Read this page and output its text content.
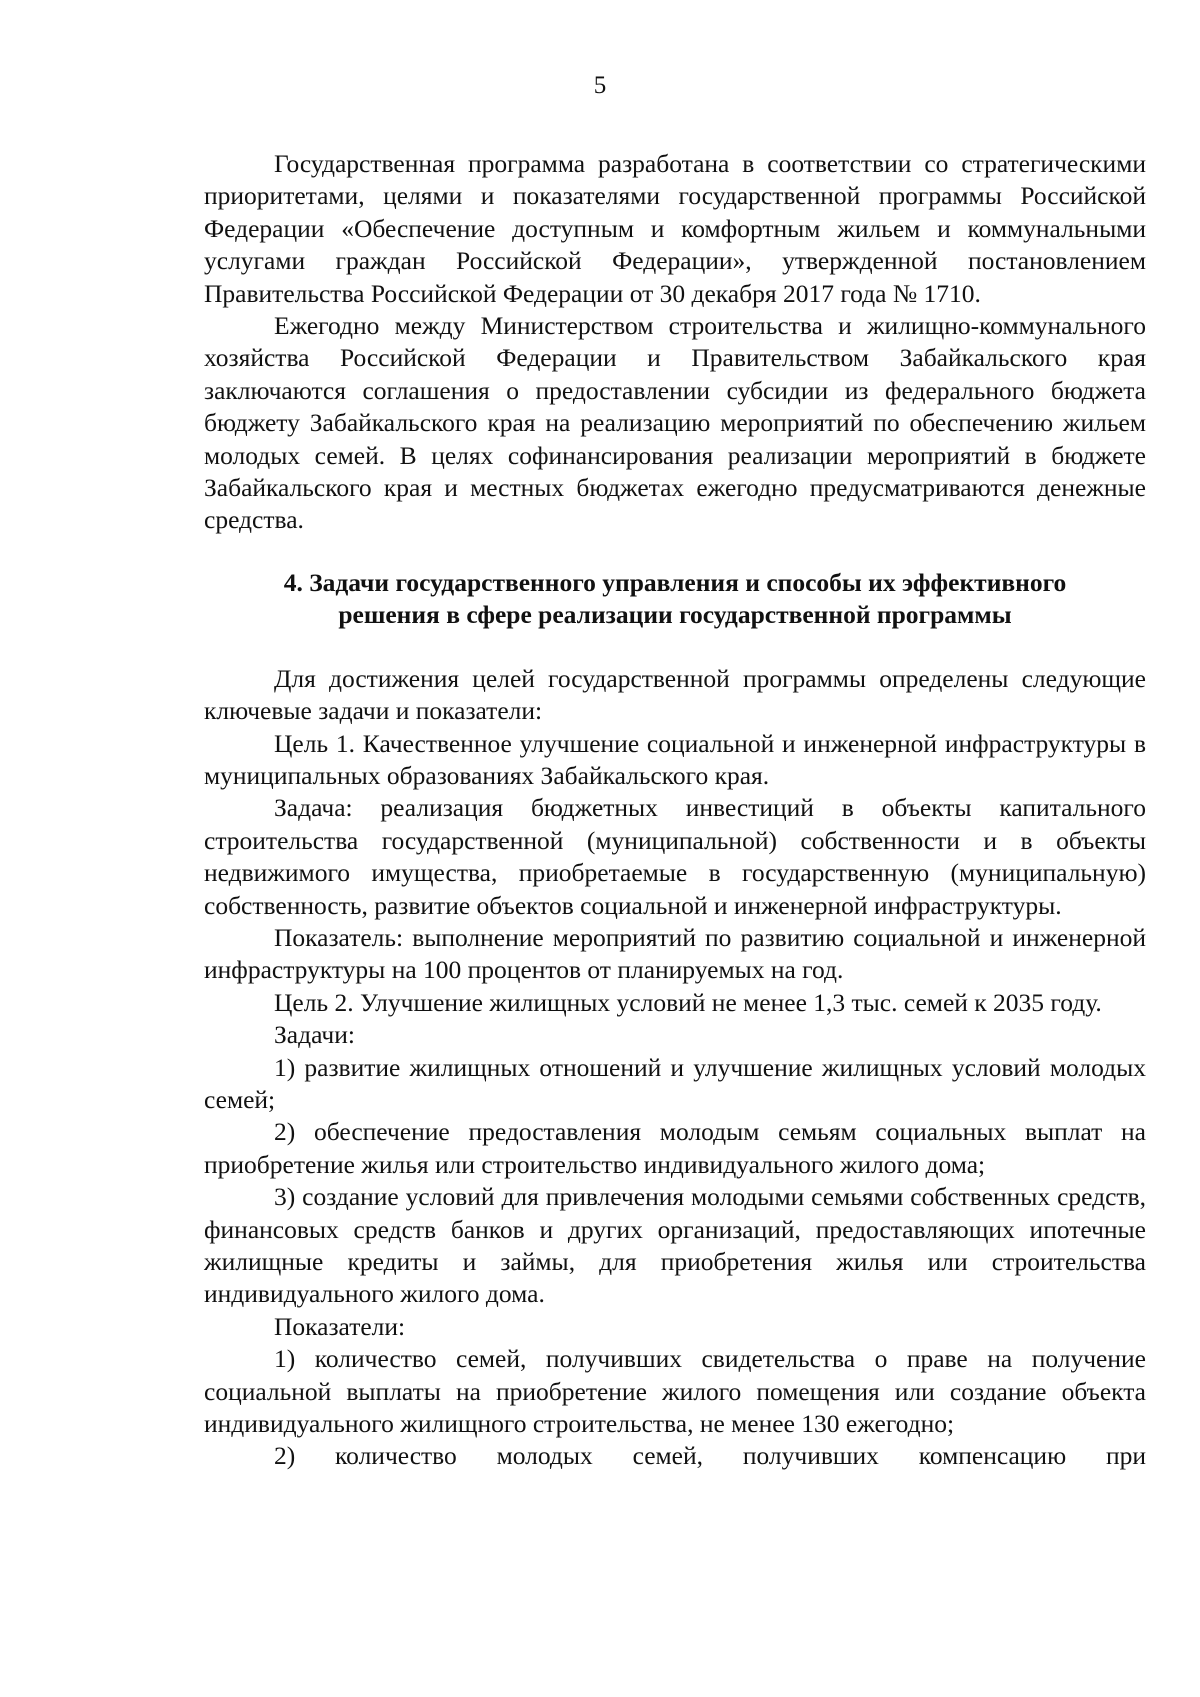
5

Государственная программа разработана в соответствии со стратегическими приоритетами, целями и показателями государственной программы Российской Федерации «Обеспечение доступным и комфортным жильем и коммунальными услугами граждан Российской Федерации», утвержденной постановлением Правительства Российской Федерации от 30 декабря 2017 года № 1710.

Ежегодно между Министерством строительства и жилищно-коммунального хозяйства Российской Федерации и Правительством Забайкальского края заключаются соглашения о предоставлении субсидии из федерального бюджета бюджету Забайкальского края на реализацию мероприятий по обеспечению жильем молодых семей. В целях софинансирования реализации мероприятий в бюджете Забайкальского края и местных бюджетах ежегодно предусматриваются денежные средства.

4. Задачи государственного управления и способы их эффективного
решения в сфере реализации государственной программы

Для достижения целей государственной программы определены следующие ключевые задачи и показатели:

Цель 1. Качественное улучшение социальной и инженерной инфраструктуры в муниципальных образованиях Забайкальского края.

Задача: реализация бюджетных инвестиций в объекты капитального строительства государственной (муниципальной) собственности и в объекты недвижимого имущества, приобретаемые в государственную (муниципальную) собственность, развитие объектов социальной и инженерной инфраструктуры.

Показатель: выполнение мероприятий по развитию социальной и инженерной инфраструктуры на 100 процентов от планируемых на год.

Цель 2. Улучшение жилищных условий не менее 1,3 тыс. семей к 2035 году.

Задачи:

1) развитие жилищных отношений и улучшение жилищных условий молодых семей;

2) обеспечение предоставления молодым семьям социальных выплат на приобретение жилья или строительство индивидуального жилого дома;

3) создание условий для привлечения молодыми семьями собственных средств, финансовых средств банков и других организаций, предоставляющих ипотечные жилищные кредиты и займы, для приобретения жилья или строительства индивидуального жилого дома.

Показатели:

1) количество семей, получивших свидетельства о праве на получение социальной выплаты на приобретение жилого помещения или создание объекта индивидуального жилищного строительства, не менее 130 ежегодно;

2) количество молодых семей, получивших компенсацию при
